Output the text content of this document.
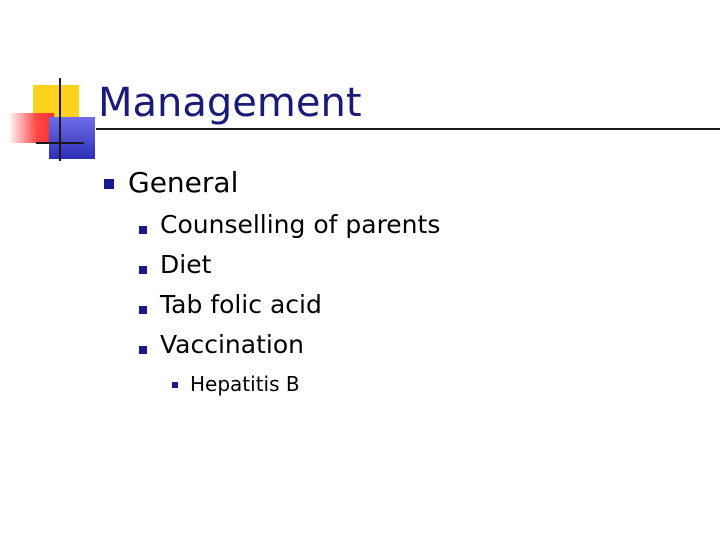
Management
General
Counselling of parents
Diet
Tab folic acid
Vaccination
Hepatitis B
